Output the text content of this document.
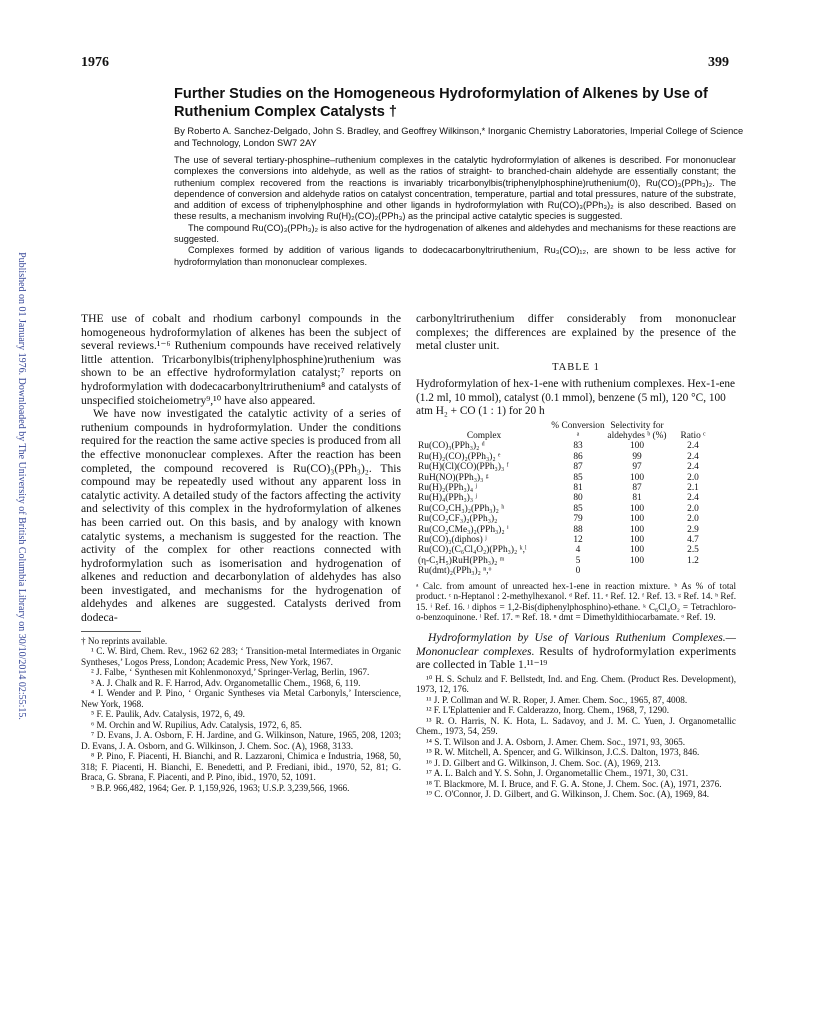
Published on 01 January 1976. Downloaded by The University of British Columbia Library on 30/10/2014 02:55:15.
1976	399
Further Studies on the Homogeneous Hydroformylation of Alkenes by Use of Ruthenium Complex Catalysts †
By Roberto A. Sanchez-Delgado, John S. Bradley, and Geoffrey Wilkinson,* Inorganic Chemistry Laboratories, Imperial College of Science and Technology, London SW7 2AY

The use of several tertiary-phosphine–ruthenium complexes in the catalytic hydroformylation of alkenes is described. For mononuclear complexes the conversions into aldehyde, as well as the ratios of straight- to branched-chain aldehyde are essentially constant; the ruthenium complex recovered from the reactions is invariably tricarbonylbis(triphenylphosphine)ruthenium(0), Ru(CO)₃(PPh₃)₂. The dependence of conversion and aldehyde ratios on catalyst concentration, temperature, partial and total pressures, nature of the substrate, and addition of excess of triphenylphosphine and other ligands in hydroformylation with Ru(CO)₃(PPh₃)₂ is also described. Based on these results, a mechanism involving Ru(H)₂(CO)₂(PPh₃) as the principal active catalytic species is suggested.

The compound Ru(CO)₃(PPh₃)₂ is also active for the hydrogenation of alkenes and aldehydes and mechanisms for these reactions are suggested.

Complexes formed by addition of various ligands to dodecacarbonyltriruthenium, Ru₃(CO)₁₂, are shown to be less active for hydroformylation than mononuclear complexes.

THE use of cobalt and rhodium carbonyl compounds in the homogeneous hydroformylation of alkenes has been the subject of several reviews.¹⁻⁶ Ruthenium compounds have received relatively little attention. Tricarbonylbis(triphenylphosphine)ruthenium was shown to be an effective hydroformylation catalyst;⁷ reports on hydroformylation with dodecacarbonyltriruthenium⁸ and catalysts of unspecified stoicheiometry⁹,¹⁰ have also appeared.

We have now investigated the catalytic activity of a series of ruthenium compounds in hydroformylation. Under the conditions required for the reaction the same active species is produced from all the effective mononuclear complexes. After the reaction has been completed, the compound recovered is Ru(CO)₃(PPh₃)₂. This compound may be repeatedly used without any apparent loss in catalytic activity. A detailed study of the factors affecting the activity and selectivity of this complex in the hydroformylation of alkenes has been carried out. On this basis, and by analogy with known catalytic systems, a mechanism is suggested for the reaction. The activity of the complex for other reactions connected with hydroformylation such as isomerisation and hydrogenation of alkenes and reduction and decarbonylation of aldehydes has also been investigated, and mechanisms for the hydrogenation of aldehydes and alkenes are suggested. Catalysts derived from dodeca-

† No reprints available.

¹ C. W. Bird, Chem. Rev., 1962 62 283; ‘ Transition-metal Intermediates in Organic Syntheses,’ Logos Press, London; Academic Press, New York, 1967.

² J. Falbe, ‘ Synthesen mit Kohlenmonoxyd,’ Springer-Verlag, Berlin, 1967.

³ A. J. Chalk and R. F. Harrod, Adv. Organometallic Chem., 1968, 6, 119.

⁴ I. Wender and P. Pino, ‘ Organic Syntheses via Metal Carbonyls,’ Interscience, New York, 1968.

⁵ F. E. Paulik, Adv. Catalysis, 1972, 6, 49.

⁶ M. Orchin and W. Rupilius, Adv. Catalysis, 1972, 6, 85.

⁷ D. Evans, J. A. Osborn, F. H. Jardine, and G. Wilkinson, Nature, 1965, 208, 1203; D. Evans, J. A. Osborn, and G. Wilkinson, J. Chem. Soc. (A), 1968, 3133.

⁸ P. Pino, F. Piacenti, H. Bianchi, and R. Lazzaroni, Chimica e Industria, 1968, 50, 318; F. Piacenti, H. Bianchi, E. Benedetti, and P. Frediani, ibid., 1970, 52, 81; G. Braca, G. Sbrana, F. Piacenti, and P. Pino, ibid., 1970, 52, 1091.

⁹ B.P. 966,482, 1964; Ger. P. 1,159,926, 1963; U.S.P. 3,239,566, 1966.

carbonyltriruthenium differ considerably from mononuclear complexes; the differences are explained by the presence of the metal cluster unit.

TABLE 1
Hydroformylation of hex-1-ene with ruthenium complexes. Hex-1-ene (1.2 ml, 10 mmol), catalyst (0.1 mmol), benzene (5 ml), 120 °C, 100 atm H₂ + CO (1 : 1) for 20 h
Complex	% Conversion ᵃ	Selectivity for aldehydes ᵇ (%)	Ratio ᶜ
Ru(CO)₃(PPh₃)₂ ᵈ	83	100	2.4
Ru(H)₂(CO)₂(PPh₃)₂ ᵉ	86	99	2.4
Ru(H)(Cl)(CO)(PPh₃)₃ ᶠ	87	97	2.4
RuH(NO)(PPh₃)₃ ᵍ	85	100	2.0
Ru(H)₂(PPh₃)₄ ʲ	81	87	2.1
Ru(H)₄(PPh₃)₃ ʲ	80	81	2.4
Ru(CO₂CH₃)₂(PPh₃)₂ ʰ	85	100	2.0
Ru(CO₂CF₃)₂(PPh₃)₂	79	100	2.0
Ru(CO₂CMe₃)₂(PPh₃)₂ ⁱ	88	100	2.9
Ru(CO)₃(diphos) ʲ	12	100	4.7
Ru(CO)₂(C₆Cl₄O₂)(PPh₃)₂ ᵏ,ˡ	4	100	2.5
(η-C₅H₅)RuH(PPh₃)₂ ᵐ	5	100	1.2
Ru(dmt)₂(PPh₃)₂ ⁿ,ᵒ	0		
ᵃ Calc. from amount of unreacted hex-1-ene in reaction mixture. ᵇ As % of total product. ᶜ n-Heptanol : 2-methylhexanol. ᵈ Ref. 11. ᵉ Ref. 12. ᶠ Ref. 13. ᵍ Ref. 14. ʰ Ref. 15. ⁱ Ref. 16. ʲ diphos = 1,2-Bis(diphenylphosphino)-ethane. ᵏ C₆Cl₄O₂ = Tetrachloro-o-benzoquinone. ˡ Ref. 17. ᵐ Ref. 18. ⁿ dmt = Dimethyldithiocarbamate. ᵒ Ref. 19.

Hydroformylation by Use of Various Ruthenium Complexes.—Mononuclear complexes. Results of hydroformylation experiments are collected in Table 1.¹¹⁻¹⁹

¹⁰ H. S. Schulz and F. Bellstedt, Ind. and Eng. Chem. (Product Res. Development), 1973, 12, 176.

¹¹ J. P. Collman and W. R. Roper, J. Amer. Chem. Soc., 1965, 87, 4008.

¹² F. L'Eplattenier and F. Calderazzo, Inorg. Chem., 1968, 7, 1290.

¹³ R. O. Harris, N. K. Hota, L. Sadavoy, and J. M. C. Yuen, J. Organometallic Chem., 1973, 54, 259.

¹⁴ S. T. Wilson and J. A. Osborn, J. Amer. Chem. Soc., 1971, 93, 3065.

¹⁵ R. W. Mitchell, A. Spencer, and G. Wilkinson, J.C.S. Dalton, 1973, 846.

¹⁶ J. D. Gilbert and G. Wilkinson, J. Chem. Soc. (A), 1969, 213.

¹⁷ A. L. Balch and Y. S. Sohn, J. Organometallic Chem., 1971, 30, C31.

¹⁸ T. Blackmore, M. I. Bruce, and F. G. A. Stone, J. Chem. Soc. (A), 1971, 2376.

¹⁹ C. O'Connor, J. D. Gilbert, and G. Wilkinson, J. Chem. Soc. (A), 1969, 84.
